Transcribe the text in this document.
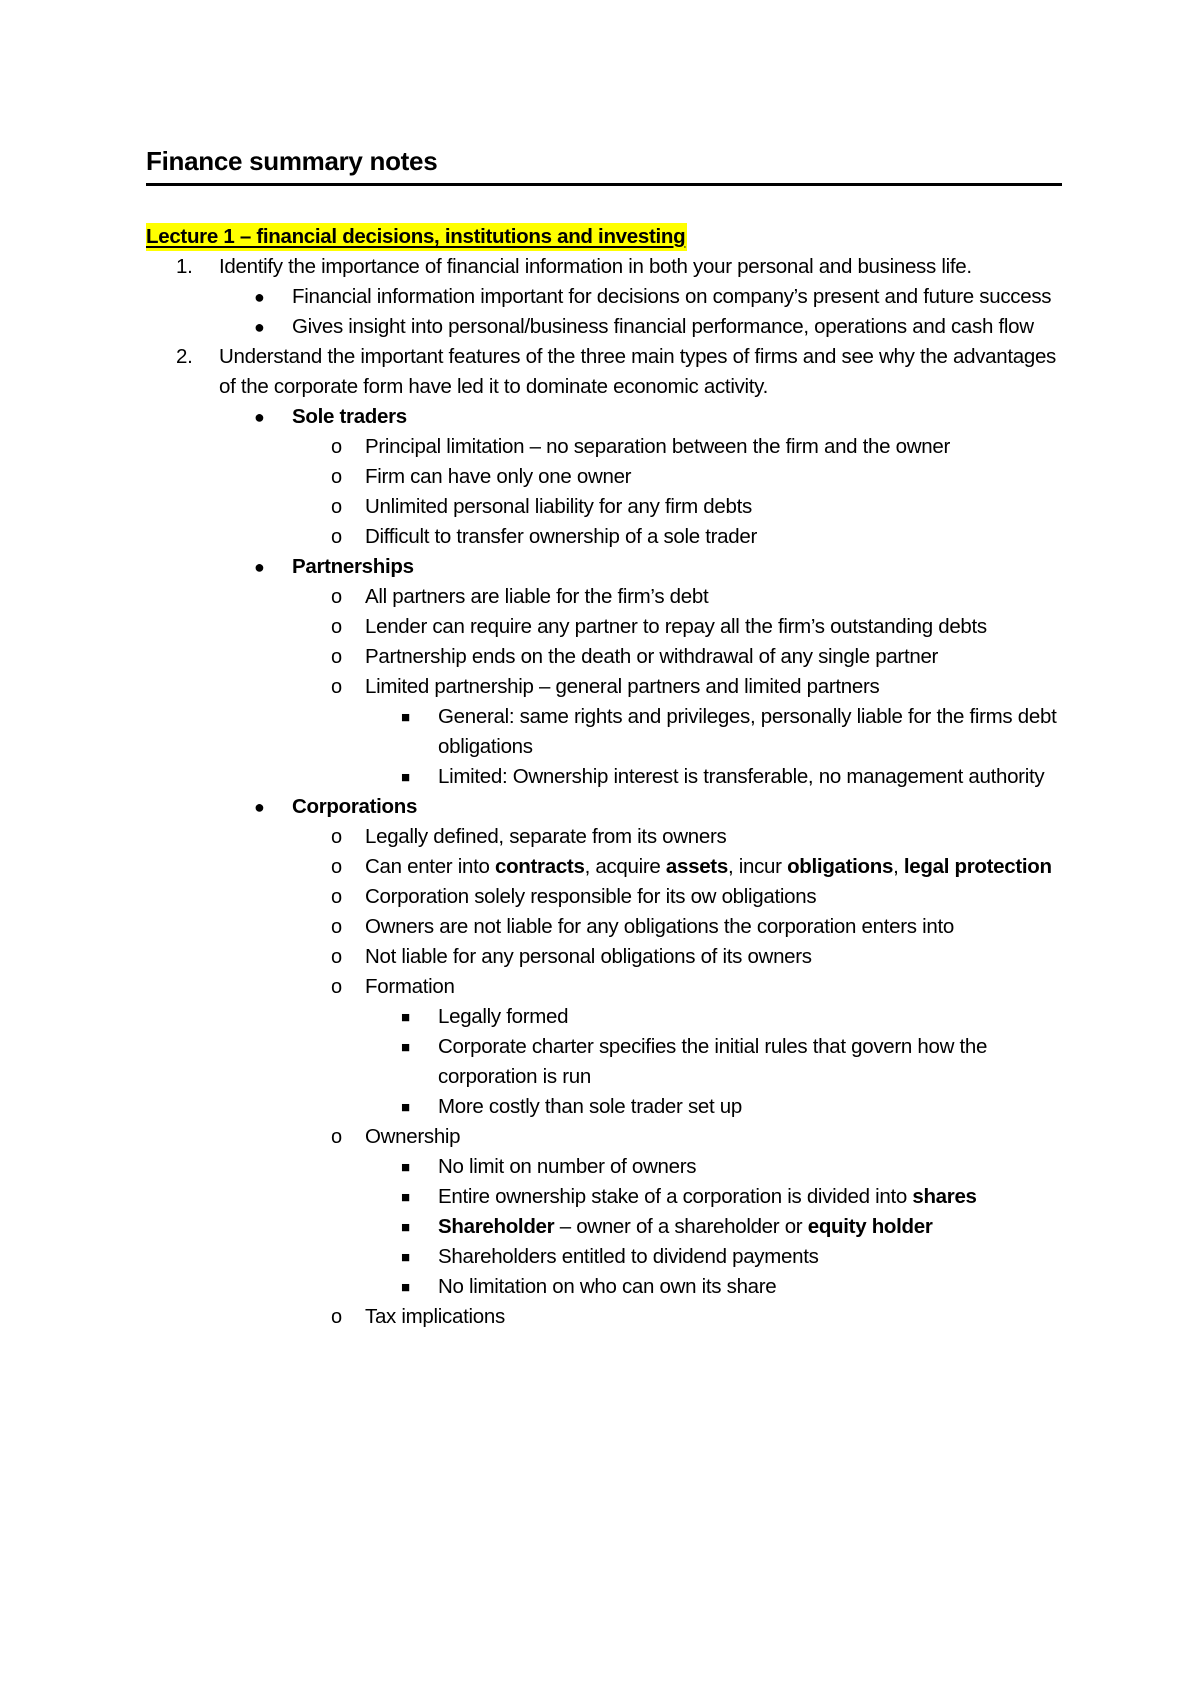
Finance summary notes
Lecture 1 – financial decisions, institutions and investing
1. Identify the importance of financial information in both your personal and business life.
● Financial information important for decisions on company’s present and future success
● Gives insight into personal/business financial performance, operations and cash flow
2. Understand the important features of the three main types of firms and see why the advantages of the corporate form have led it to dominate economic activity.
● Sole traders
o Principal limitation – no separation between the firm and the owner
o Firm can have only one owner
o Unlimited personal liability for any firm debts
o Difficult to transfer ownership of a sole trader
● Partnerships
o All partners are liable for the firm’s debt
o Lender can require any partner to repay all the firm’s outstanding debts
o Partnership ends on the death or withdrawal of any single partner
o Limited partnership – general partners and limited partners
■ General: same rights and privileges, personally liable for the firms debt obligations
■ Limited: Ownership interest is transferable, no management authority
● Corporations
o Legally defined, separate from its owners
o Can enter into contracts, acquire assets, incur obligations, legal protection
o Corporation solely responsible for its ow obligations
o Owners are not liable for any obligations the corporation enters into
o Not liable for any personal obligations of its owners
o Formation
■ Legally formed
■ Corporate charter specifies the initial rules that govern how the corporation is run
■ More costly than sole trader set up
o Ownership
■ No limit on number of owners
■ Entire ownership stake of a corporation is divided into shares
■ Shareholder – owner of a shareholder or equity holder
■ Shareholders entitled to dividend payments
■ No limitation on who can own its share
o Tax implications
